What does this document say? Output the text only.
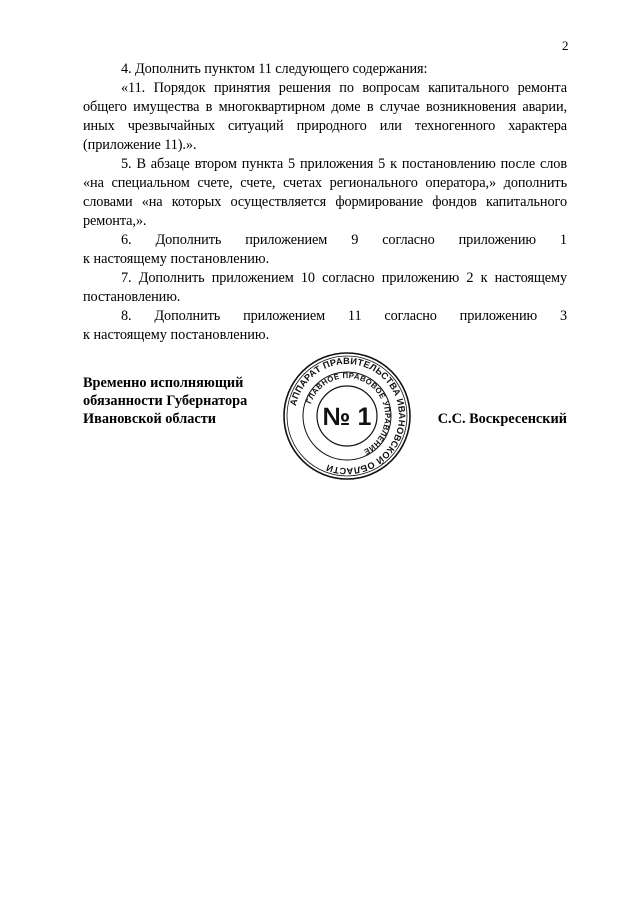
2

4. Дополнить пунктом 11 следующего содержания:

«11. Порядок принятия решения по вопросам капитального ремонта общего имущества в многоквартирном доме в случае возникновения аварии, иных чрезвычайных ситуаций природного или техногенного характера (приложение 11).».

5. В абзаце втором пункта 5 приложения 5 к постановлению после слов «на специальном счете, счете, счетах регионального оператора,» дополнить словами «на которых осуществляется формирование фондов капитального ремонта,».

6. Дополнить приложением 9 согласно приложению 1

к настоящему постановлению.

7. Дополнить приложением 10 согласно приложению 2 к настоящему постановлению.

8. Дополнить приложением 11 согласно приложению 3

к настоящему постановлению.

Временно исполняющий
обязанности Губернатора
Ивановской области
АППАРАТ ПРАВИТЕЛЬСТВА ИВАНОВСКОЙ ОБЛАСТИ
ГЛАВНОЕ ПРАВОВОЕ УПРАВЛЕНИЕ
№ 1	С.С. Воскресенский
